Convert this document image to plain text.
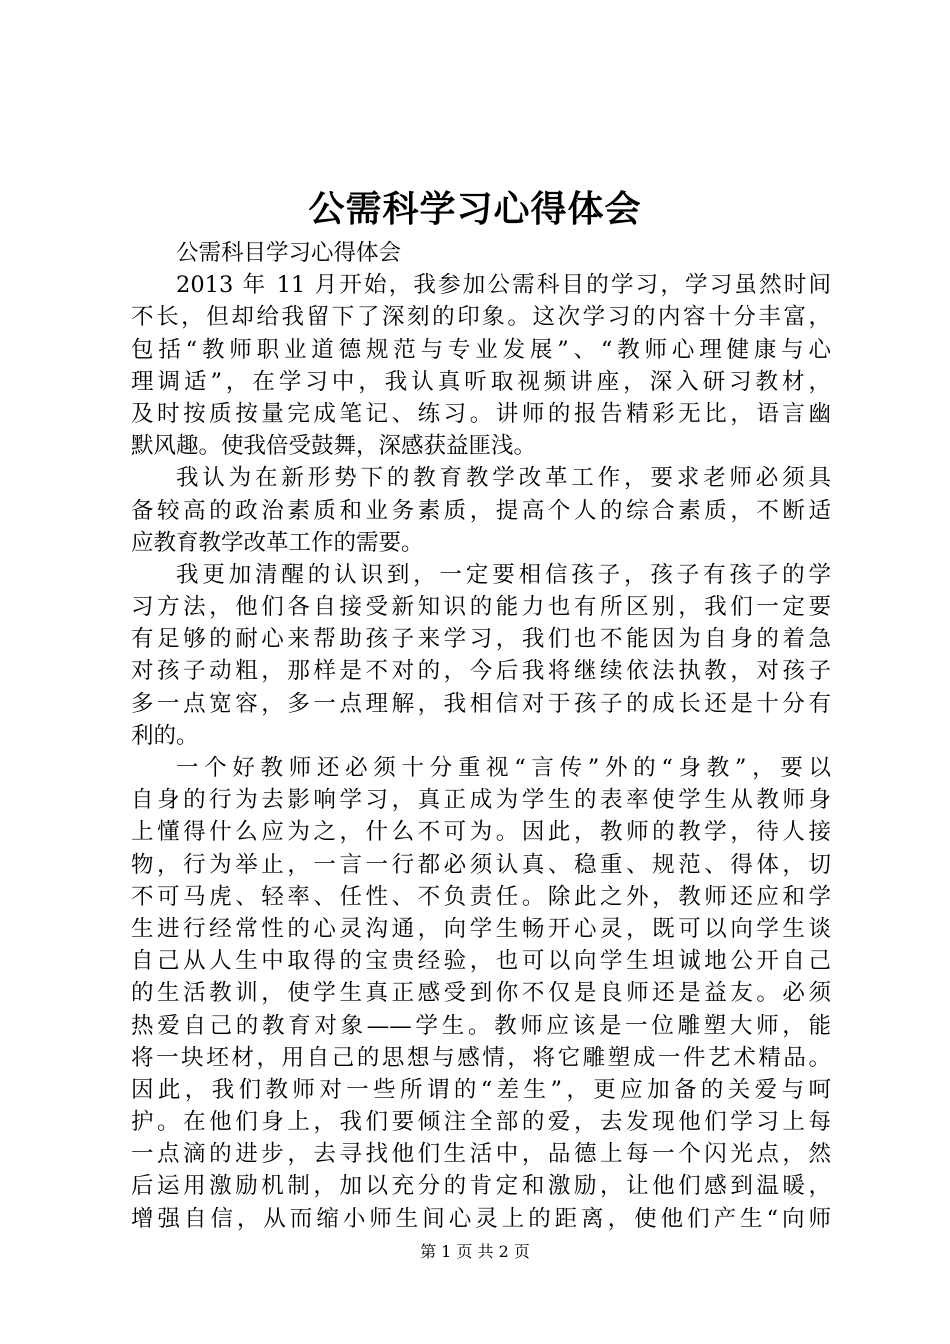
公需科学习心得体会
公需科目学习心得体会
2013 年 11 月开始，我参加公需科目的学习，学习虽然时间
不长，但却给我留下了深刻的印象。这次学习的内容十分丰富，
包括“教师职业道德规范与专业发展”、“教师心理健康与心
理调适”，在学习中，我认真听取视频讲座，深入研习教材，
及时按质按量完成笔记、练习。讲师的报告精彩无比，语言幽
默风趣。使我倍受鼓舞，深感获益匪浅。
我认为在新形势下的教育教学改革工作，要求老师必须具
备较高的政治素质和业务素质，提高个人的综合素质，不断适
应教育教学改革工作的需要。
我更加清醒的认识到，一定要相信孩子，孩子有孩子的学
习方法，他们各自接受新知识的能力也有所区别，我们一定要
有足够的耐心来帮助孩子来学习，我们也不能因为自身的着急
对孩子动粗，那样是不对的，今后我将继续依法执教，对孩子
多一点宽容，多一点理解，我相信对于孩子的成长还是十分有
利的。
一个好教师还必须十分重视“言传”外的“身教”，要以
自身的行为去影响学习，真正成为学生的表率使学生从教师身
上懂得什么应为之，什么不可为。因此，教师的教学，待人接
物，行为举止，一言一行都必须认真、稳重、规范、得体，切
不可马虎、轻率、任性、不负责任。除此之外，教师还应和学
生进行经常性的心灵沟通，向学生畅开心灵，既可以向学生谈
自己从人生中取得的宝贵经验，也可以向学生坦诚地公开自己
的生活教训，使学生真正感受到你不仅是良师还是益友。必须
热爱自己的教育对象——学生。教师应该是一位雕塑大师，能
将一块坯材，用自己的思想与感情，将它雕塑成一件艺术精品。
因此，我们教师对一些所谓的“差生”，更应加备的关爱与呵
护。在他们身上，我们要倾注全部的爱，去发现他们学习上每
一点滴的进步，去寻找他们生活中，品德上每一个闪光点，然
后运用激励机制，加以充分的肯定和激励，让他们感到温暖，
增强自信，从而缩小师生间心灵上的距离，使他们产生“向师
第 1 页 共 2 页
